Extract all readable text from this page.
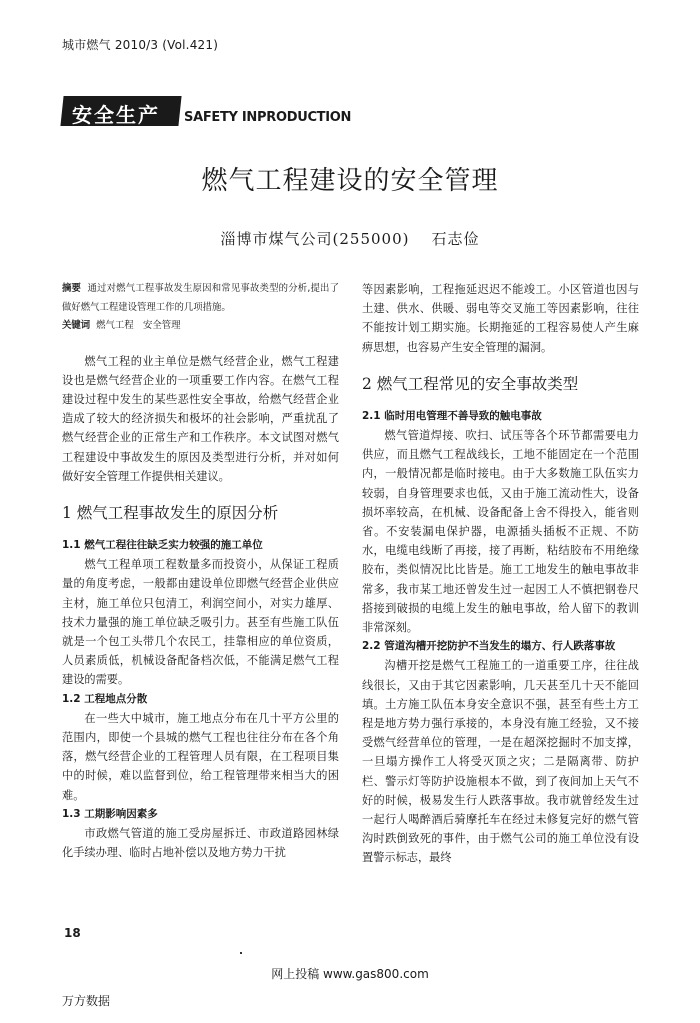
城市燃气 2010/3 (Vol.421)
安全生产 SAFETY INPRODUCTION
燃气工程建设的安全管理
淄博市煤气公司(255000) 石志俭

摘要 通过对燃气工程事故发生原因和常见事故类型的分析,提出了做好燃气工程建设管理工作的几项措施。

关键词 燃气工程　安全管理

燃气工程的业主单位是燃气经营企业，燃气工程建设也是燃气经营企业的一项重要工作内容。在燃气工程建设过程中发生的某些恶性安全事故，给燃气经营企业造成了较大的经济损失和极坏的社会影响，严重扰乱了燃气经营企业的正常生产和工作秩序。本文试图对燃气工程建设中事故发生的原因及类型进行分析，并对如何做好安全管理工作提供相关建议。

1 燃气工程事故发生的原因分析

1.1 燃气工程往往缺乏实力较强的施工单位

燃气工程单项工程数量多而投资小，从保证工程质量的角度考虑，一般都由建设单位即燃气经营企业供应主材，施工单位只包清工，利润空间小，对实力雄厚、技术力量强的施工单位缺乏吸引力。甚至有些施工队伍就是一个包工头带几个农民工，挂靠相应的单位资质，人员素质低，机械设备配备档次低，不能满足燃气工程建设的需要。

1.2 工程地点分散

在一些大中城市，施工地点分布在几十平方公里的范围内，即使一个县城的燃气工程也往往分布在各个角落，燃气经营企业的工程管理人员有限，在工程项目集中的时候，难以监督到位，给工程管理带来相当大的困难。

1.3 工期影响因素多

市政燃气管道的施工受房屋拆迁、市政道路园林绿化手续办理、临时占地补偿以及地方势力干扰

等因素影响，工程拖延迟迟不能竣工。小区管道也因与土建、供水、供暖、弱电等交叉施工等因素影响，往往不能按计划工期实施。长期拖延的工程容易使人产生麻痹思想，也容易产生安全管理的漏洞。

2 燃气工程常见的安全事故类型

2.1 临时用电管理不善导致的触电事故

燃气管道焊接、吹扫、试压等各个环节都需要电力供应，而且燃气工程战线长，工地不能固定在一个范围内，一般情况都是临时接电。由于大多数施工队伍实力较弱，自身管理要求也低，又由于施工流动性大，设备损坏率较高，在机械、设备配备上舍不得投入，能省则省。不安装漏电保护器，电源插头插板不正规、不防水，电缆电线断了再接，接了再断，粘结胶布不用绝缘胶布，类似情况比比皆是。施工工地发生的触电事故非常多，我市某工地还曾发生过一起因工人不慎把钢卷尺搭接到破损的电缆上发生的触电事故，给人留下的教训非常深刻。

2.2 管道沟槽开挖防护不当发生的塌方、行人跌落事故

沟槽开挖是燃气工程施工的一道重要工序，往往战线很长，又由于其它因素影响，几天甚至几十天不能回填。土方施工队伍本身安全意识不强，甚至有些土方工程是地方势力强行承接的，本身没有施工经验，又不接受燃气经营单位的管理，一是在超深挖掘时不加支撑，一旦塌方操作工人将受灭顶之灾；二是隔离带、防护栏、警示灯等防护设施根本不做，到了夜间加上天气不好的时候，极易发生行人跌落事故。我市就曾经发生过一起行人喝醉酒后骑摩托车在经过未修复完好的燃气管沟时跌倒致死的事件，由于燃气公司的施工单位没有设置警示标志，最终

18
网上投稿 www.gas800.com
万方数据
